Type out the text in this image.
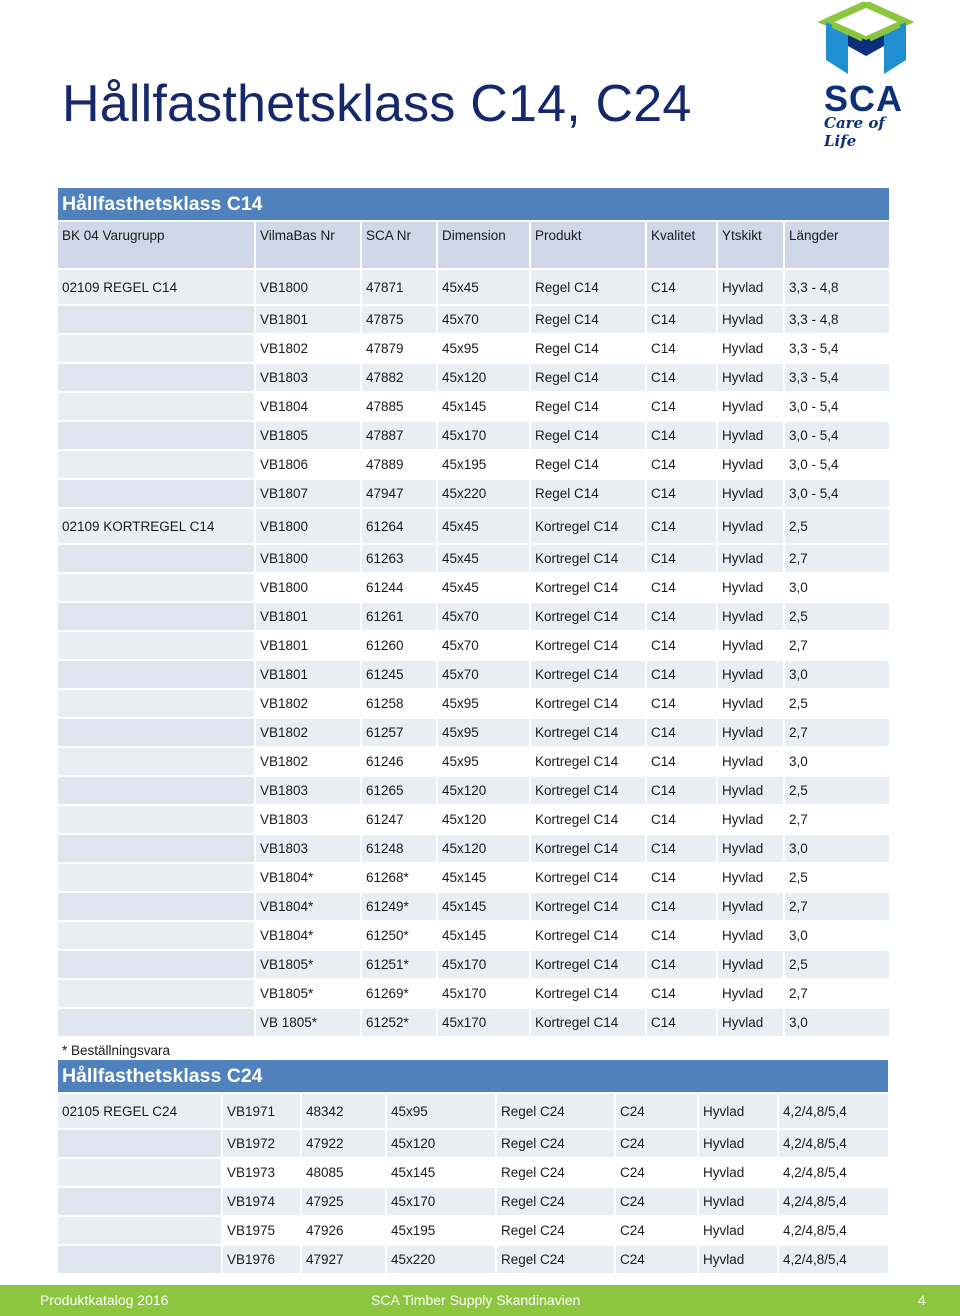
Hållfasthetsklass C14, C24	SCA
Care of Life
Hållfasthetsklass C14							
BK 04 Varugrupp	VilmaBas Nr	SCA Nr	Dimension	Produkt	Kvalitet	Ytskikt	Längder
02109 REGEL C14	VB1800	47871	45x45	Regel C14	C14	Hyvlad	3,3 - 4,8
	VB1801	47875	45x70	Regel C14	C14	Hyvlad	3,3 - 4,8
	VB1802	47879	45x95	Regel C14	C14	Hyvlad	3,3 - 5,4
	VB1803	47882	45x120	Regel C14	C14	Hyvlad	3,3 - 5,4
	VB1804	47885	45x145	Regel C14	C14	Hyvlad	3,0 - 5,4
	VB1805	47887	45x170	Regel C14	C14	Hyvlad	3,0 - 5,4
	VB1806	47889	45x195	Regel C14	C14	Hyvlad	3,0 - 5,4
	VB1807	47947	45x220	Regel C14	C14	Hyvlad	3,0 - 5,4
02109 KORTREGEL C14	VB1800	61264	45x45	Kortregel C14	C14	Hyvlad	2,5
	VB1800	61263	45x45	Kortregel C14	C14	Hyvlad	2,7
	VB1800	61244	45x45	Kortregel C14	C14	Hyvlad	3,0
	VB1801	61261	45x70	Kortregel C14	C14	Hyvlad	2,5
	VB1801	61260	45x70	Kortregel C14	C14	Hyvlad	2,7
	VB1801	61245	45x70	Kortregel C14	C14	Hyvlad	3,0
	VB1802	61258	45x95	Kortregel C14	C14	Hyvlad	2,5
	VB1802	61257	45x95	Kortregel C14	C14	Hyvlad	2,7
	VB1802	61246	45x95	Kortregel C14	C14	Hyvlad	3,0
	VB1803	61265	45x120	Kortregel C14	C14	Hyvlad	2,5
	VB1803	61247	45x120	Kortregel C14	C14	Hyvlad	2,7
	VB1803	61248	45x120	Kortregel C14	C14	Hyvlad	3,0
	VB1804*	61268*	45x145	Kortregel C14	C14	Hyvlad	2,5
	VB1804*	61249*	45x145	Kortregel C14	C14	Hyvlad	2,7
	VB1804*	61250*	45x145	Kortregel C14	C14	Hyvlad	3,0
	VB1805*	61251*	45x170	Kortregel C14	C14	Hyvlad	2,5
	VB1805*	61269*	45x170	Kortregel C14	C14	Hyvlad	2,7
	VB 1805*	61252*	45x170	Kortregel C14	C14	Hyvlad	3,0
* Beställningsvara							
Hållfasthetsklass C24							
02105 REGEL C24	VB1971	48342	45x95	Regel C24	C24	Hyvlad	4,2/4,8/5,4
	VB1972	47922	45x120	Regel C24	C24	Hyvlad	4,2/4,8/5,4
	VB1973	48085	45x145	Regel C24	C24	Hyvlad	4,2/4,8/5,4
	VB1974	47925	45x170	Regel C24	C24	Hyvlad	4,2/4,8/5,4
	VB1975	47926	45x195	Regel C24	C24	Hyvlad	4,2/4,8/5,4
	VB1976	47927	45x220	Regel C24	C24	Hyvlad	4,2/4,8/5,4
Produktkatalog 2016	SCA Timber Supply Skandinavien	4
